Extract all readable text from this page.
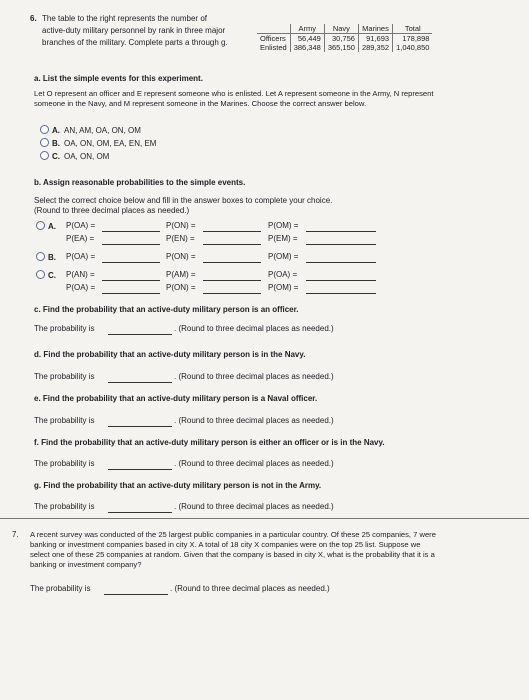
6. The table to the right represents the number of
active-duty military personnel by rank in three major
branches of the military. Complete parts a through g.
	Army	Navy	Marines	Total
Officers	56,449	30,756	91,693	178,898
Enlisted	386,348	365,150	289,352	1,040,850
a. List the simple events for this experiment.
Let O represent an officer and E represent someone who is enlisted. Let A represent someone in the Army, N represent
someone in the Navy, and M represent someone in the Marines. Choose the correct answer below.
A. AN, AM, OA, ON, OM
B. OA, ON, OM, EA, EN, EM
C. OA, ON, OM
b. Assign reasonable probabilities to the simple events.
Select the correct choice below and fill in the answer boxes to complete your choice.
(Round to three decimal places as needed.)
A.	P(OA) =	P(ON) =	P(OM) =
P(EA) =	P(EN) =	P(EM) =
B.	P(OA) =	P(ON) =	P(OM) =
C.	P(AN) =	P(AM) =	P(OA) =
P(OA) =	P(ON) =	P(OM) =
c. Find the probability that an active-duty military person is an officer.
The probability is	. (Round to three decimal places as needed.)
d. Find the probability that an active-duty military person is in the Navy.
The probability is	. (Round to three decimal places as needed.)
e. Find the probability that an active-duty military person is a Naval officer.
The probability is	. (Round to three decimal places as needed.)
f. Find the probability that an active-duty military person is either an officer or is in the Navy.
The probability is	. (Round to three decimal places as needed.)
g. Find the probability that an active-duty military person is not in the Army.
The probability is	. (Round to three decimal places as needed.)
7. A recent survey was conducted of the 25 largest public companies in a particular country. Of these 25 companies, 7 were
banking or investment companies based in city X. A total of 18 city X companies were on the top 25 list. Suppose we
select one of these 25 companies at random. Given that the company is based in city X, what is the probability that it is a
banking or investment company?
The probability is	. (Round to three decimal places as needed.)
